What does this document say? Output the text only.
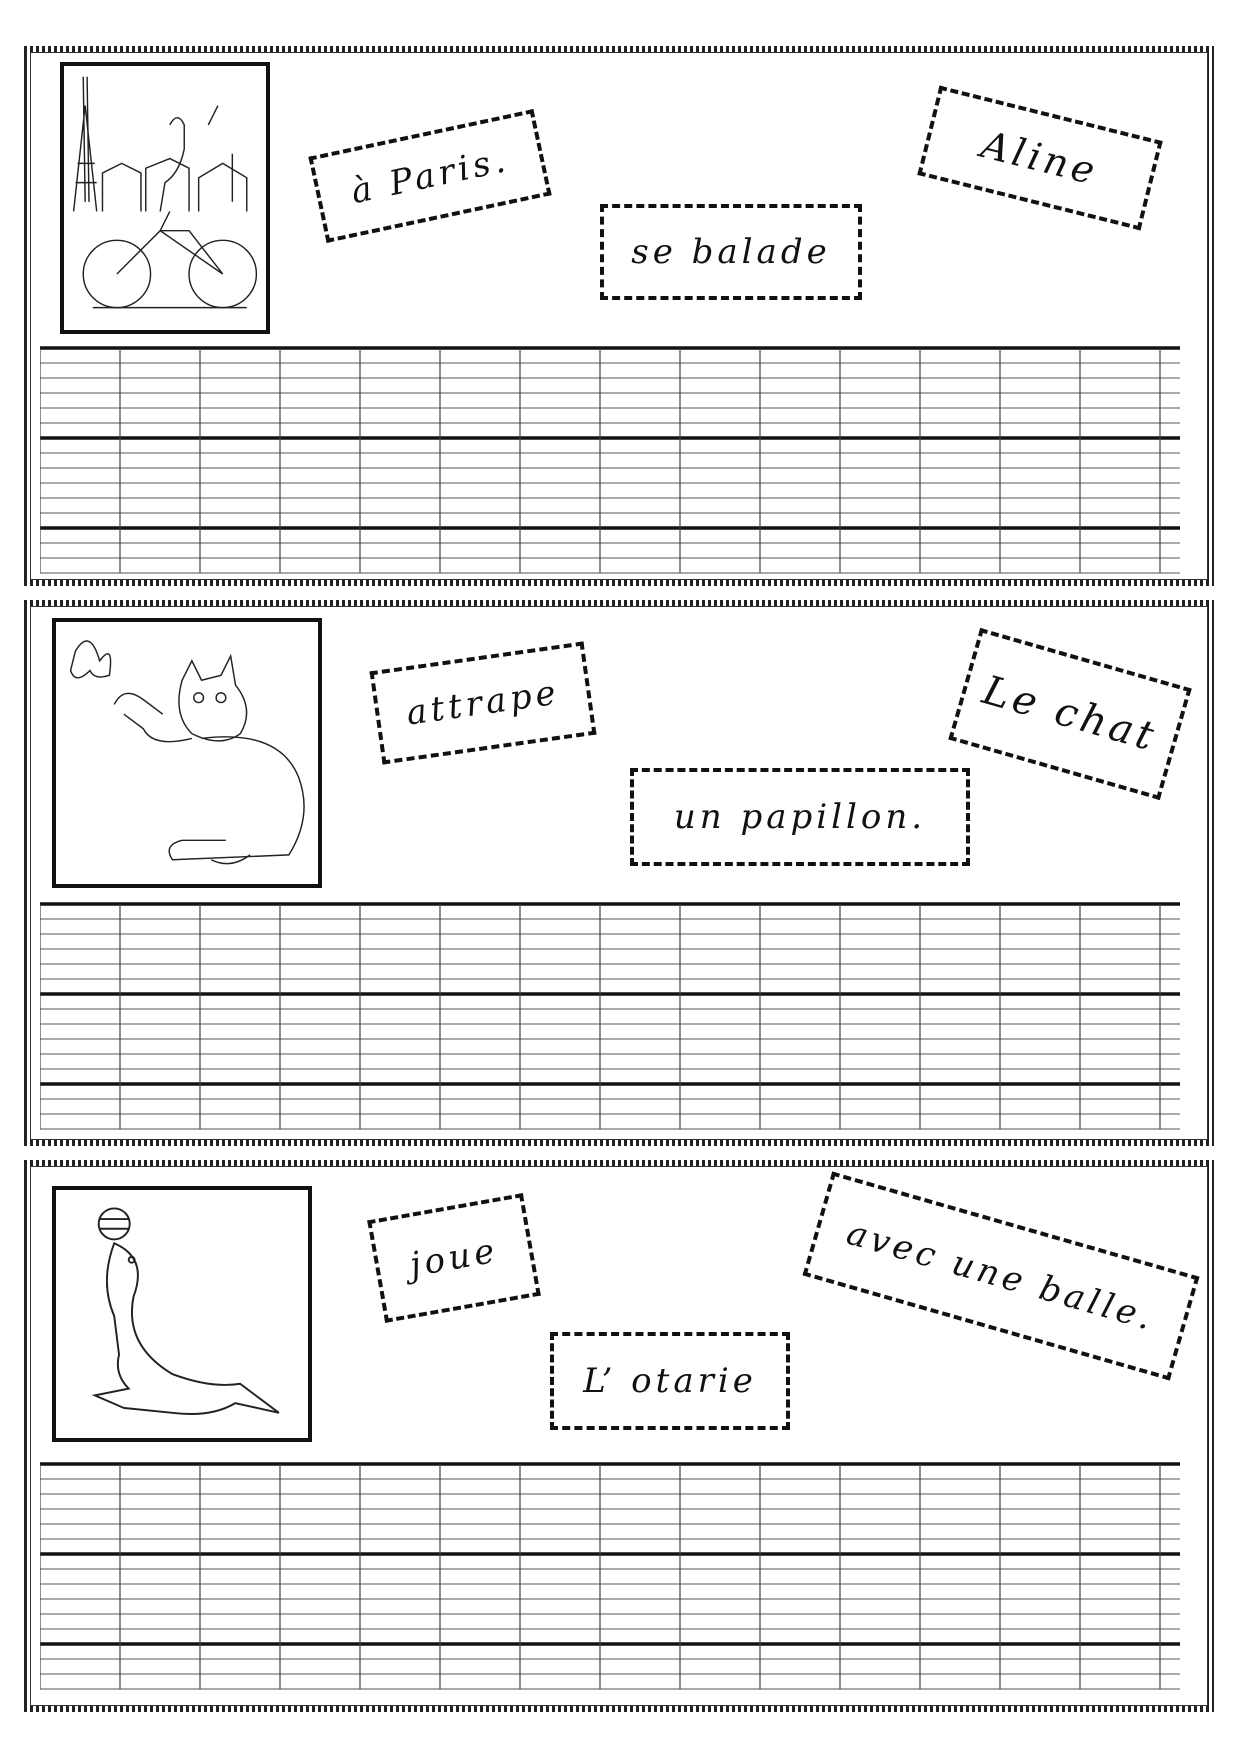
à Paris.
se balade
Aline
attrape
un papillon.
Le chat
joue
L’ otarie
avec une balle.
